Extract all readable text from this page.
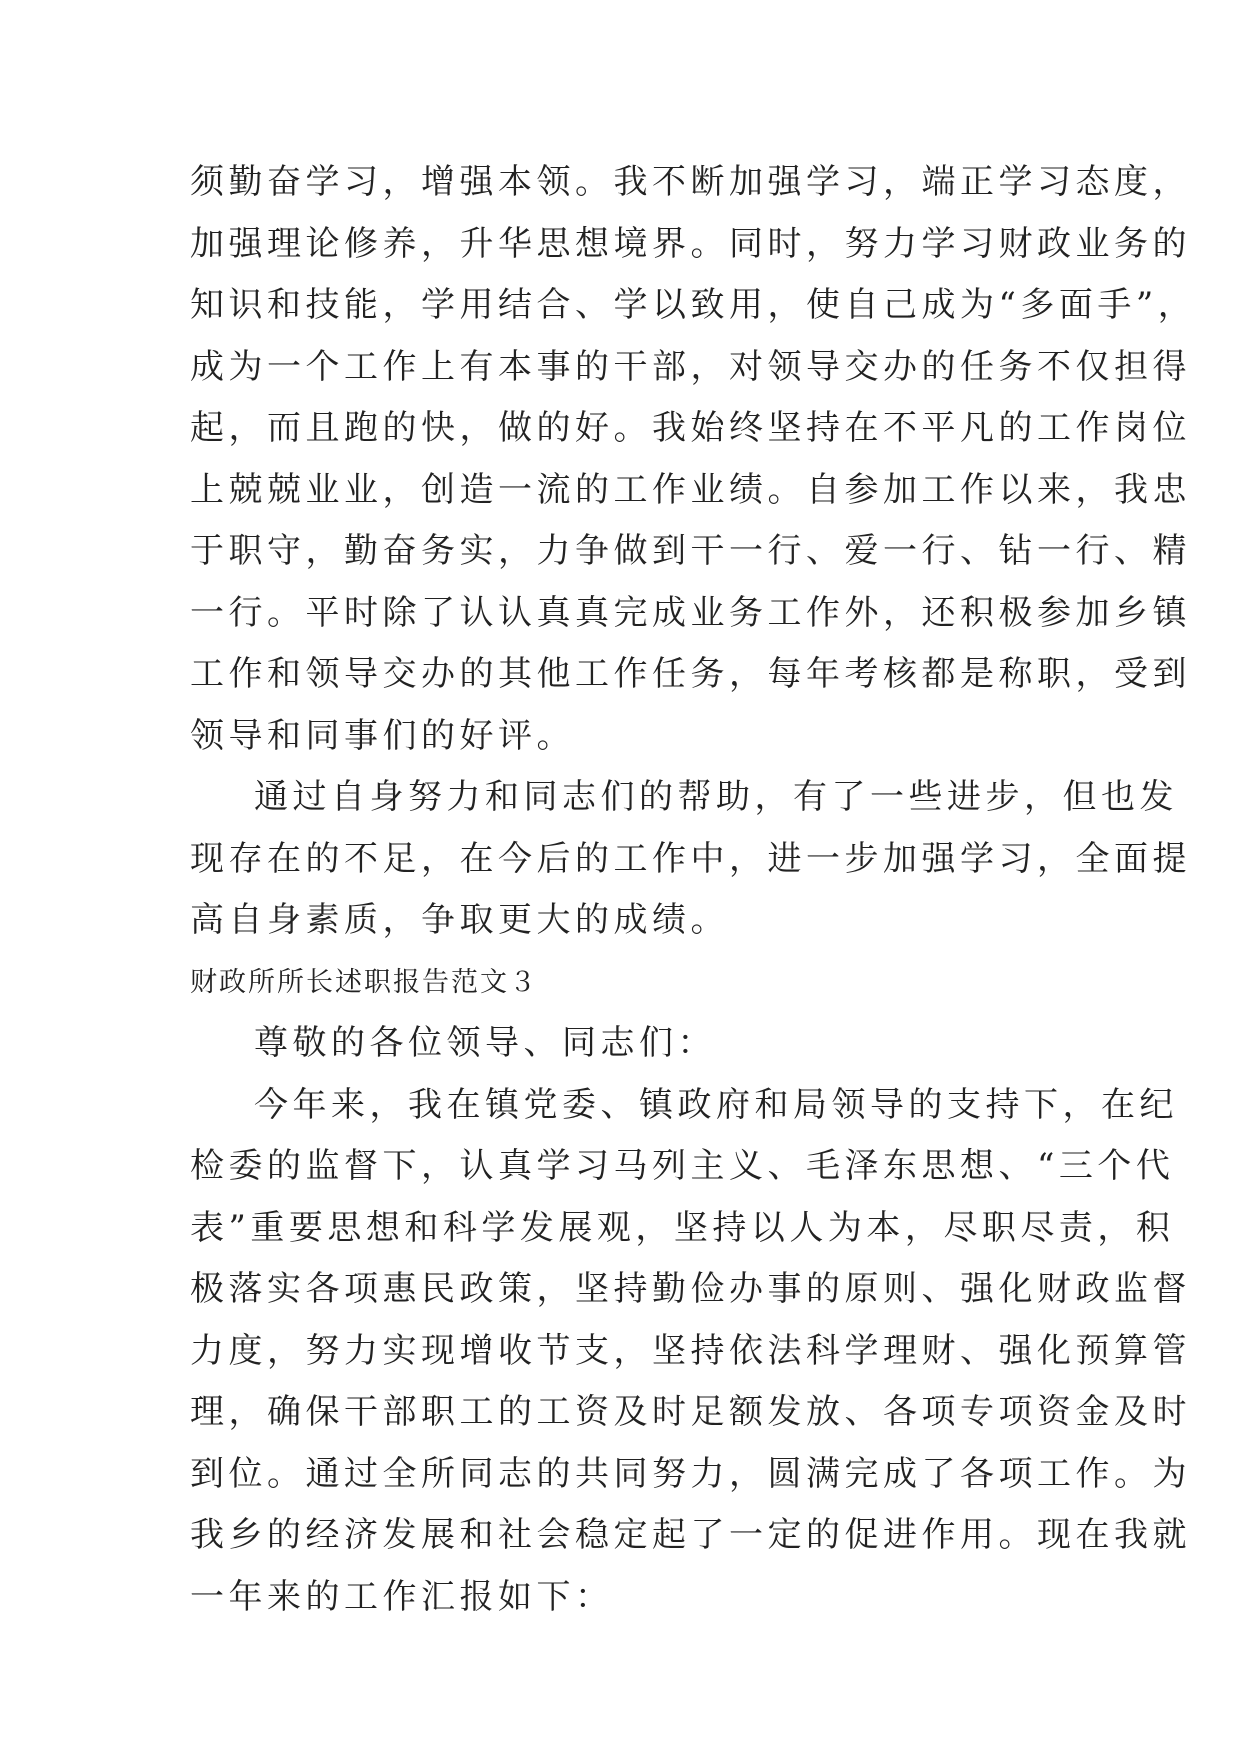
须勤奋学习，增强本领。我不断加强学习，端正学习态度，
加强理论修养，升华思想境界。同时，努力学习财政业务的
知识和技能，学用结合、学以致用，使自己成为“多面手”，
成为一个工作上有本事的干部，对领导交办的任务不仅担得
起，而且跑的快，做的好。我始终坚持在不平凡的工作岗位
上兢兢业业，创造一流的工作业绩。自参加工作以来，我忠
于职守，勤奋务实，力争做到干一行、爱一行、钻一行、精
一行。平时除了认认真真完成业务工作外，还积极参加乡镇
工作和领导交办的其他工作任务，每年考核都是称职，受到
领导和同事们的好评。
通过自身努力和同志们的帮助，有了一些进步，但也发
现存在的不足，在今后的工作中，进一步加强学习，全面提
高自身素质，争取更大的成绩。
财政所所长述职报告范文３
尊敬的各位领导、同志们：
今年来，我在镇党委、镇政府和局领导的支持下，在纪
检委的监督下，认真学习马列主义、毛泽东思想、“三个代
表”重要思想和科学发展观，坚持以人为本，尽职尽责，积
极落实各项惠民政策，坚持勤俭办事的原则、强化财政监督
力度，努力实现增收节支，坚持依法科学理财、强化预算管
理，确保干部职工的工资及时足额发放、各项专项资金及时
到位。通过全所同志的共同努力，圆满完成了各项工作。为
我乡的经济发展和社会稳定起了一定的促进作用。现在我就
一年来的工作汇报如下：
